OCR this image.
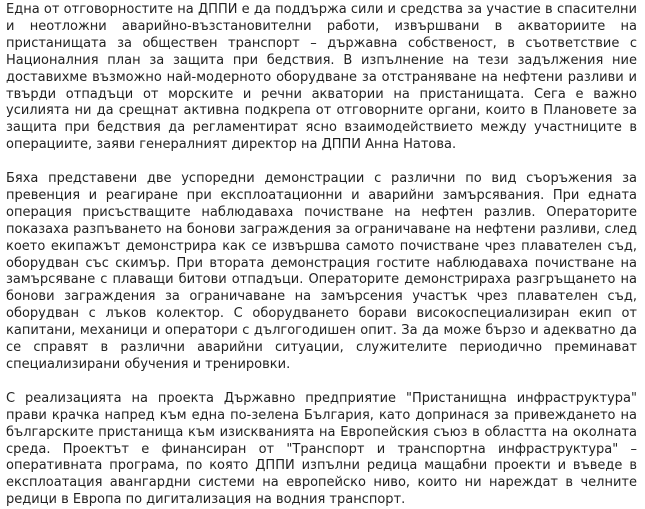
Една от отговорностите на ДППИ е да поддържа сили и средства за участие в спасителни и неотложни аварийно-възстановителни работи, извършвани в акваториите на пристанищата за обществен транспорт – държавна собственост, в съответствие с Националния план за защита при бедствия. В изпълнение на тези задължения ние доставихме възможно най-модерното оборудване за отстраняване на нефтени разливи и твърди отпадъци от морските и речни акватории на пристанищата. Сега е важно усилията ни да срещнат активна подкрепа от отговорните органи, които в Плановете за защита при бедствия да регламентират ясно взаимодействието между участниците в операциите, заяви генералният директор на ДППИ Анна Натова.

Бяха представени две успоредни демонстрации с различни по вид съоръжения за превенция и реагиране при експлоатационни и аварийни замърсявания. При едната операция присъстващите наблюдаваха почистване на нефтен разлив. Операторите показаха разпъването на бонови заграждения за ограничаване на нефтени разливи, след което екипажът демонстрира как се извършва самото почистване чрез плавателен съд, оборудван със скимър. При втората демонстрация гостите наблюдаваха почистване на замърсяване с плаващи битови отпадъци. Операторите демонстрираха разгръщането на бонови заграждения за ограничаване на замърсения участък чрез плавателен съд, оборудван с лъков колектор. С оборудването борави високоспециализиран екип от капитани, механици и оператори с дългогодишен опит. За да може бързо и адекватно да се справят в различни аварийни ситуации, служителите периодично преминават специализирани обучения и тренировки.

С реализацията на проекта Държавно предприятие "Пристанищна инфраструктура" прави крачка напред към една по-зелена България, като допринася за привеждането на българските пристанища към изискванията на Европейския съюз в областта на околната среда. Проектът е финансиран от "Транспорт и транспортна инфраструктура" – оперативната програма, по която ДППИ изпълни редица мащабни проекти и въведе в експлоатация авангардни системи на европейско ниво, които ни нареждат в челните редици в Европа по дигитализация на водния транспорт.
